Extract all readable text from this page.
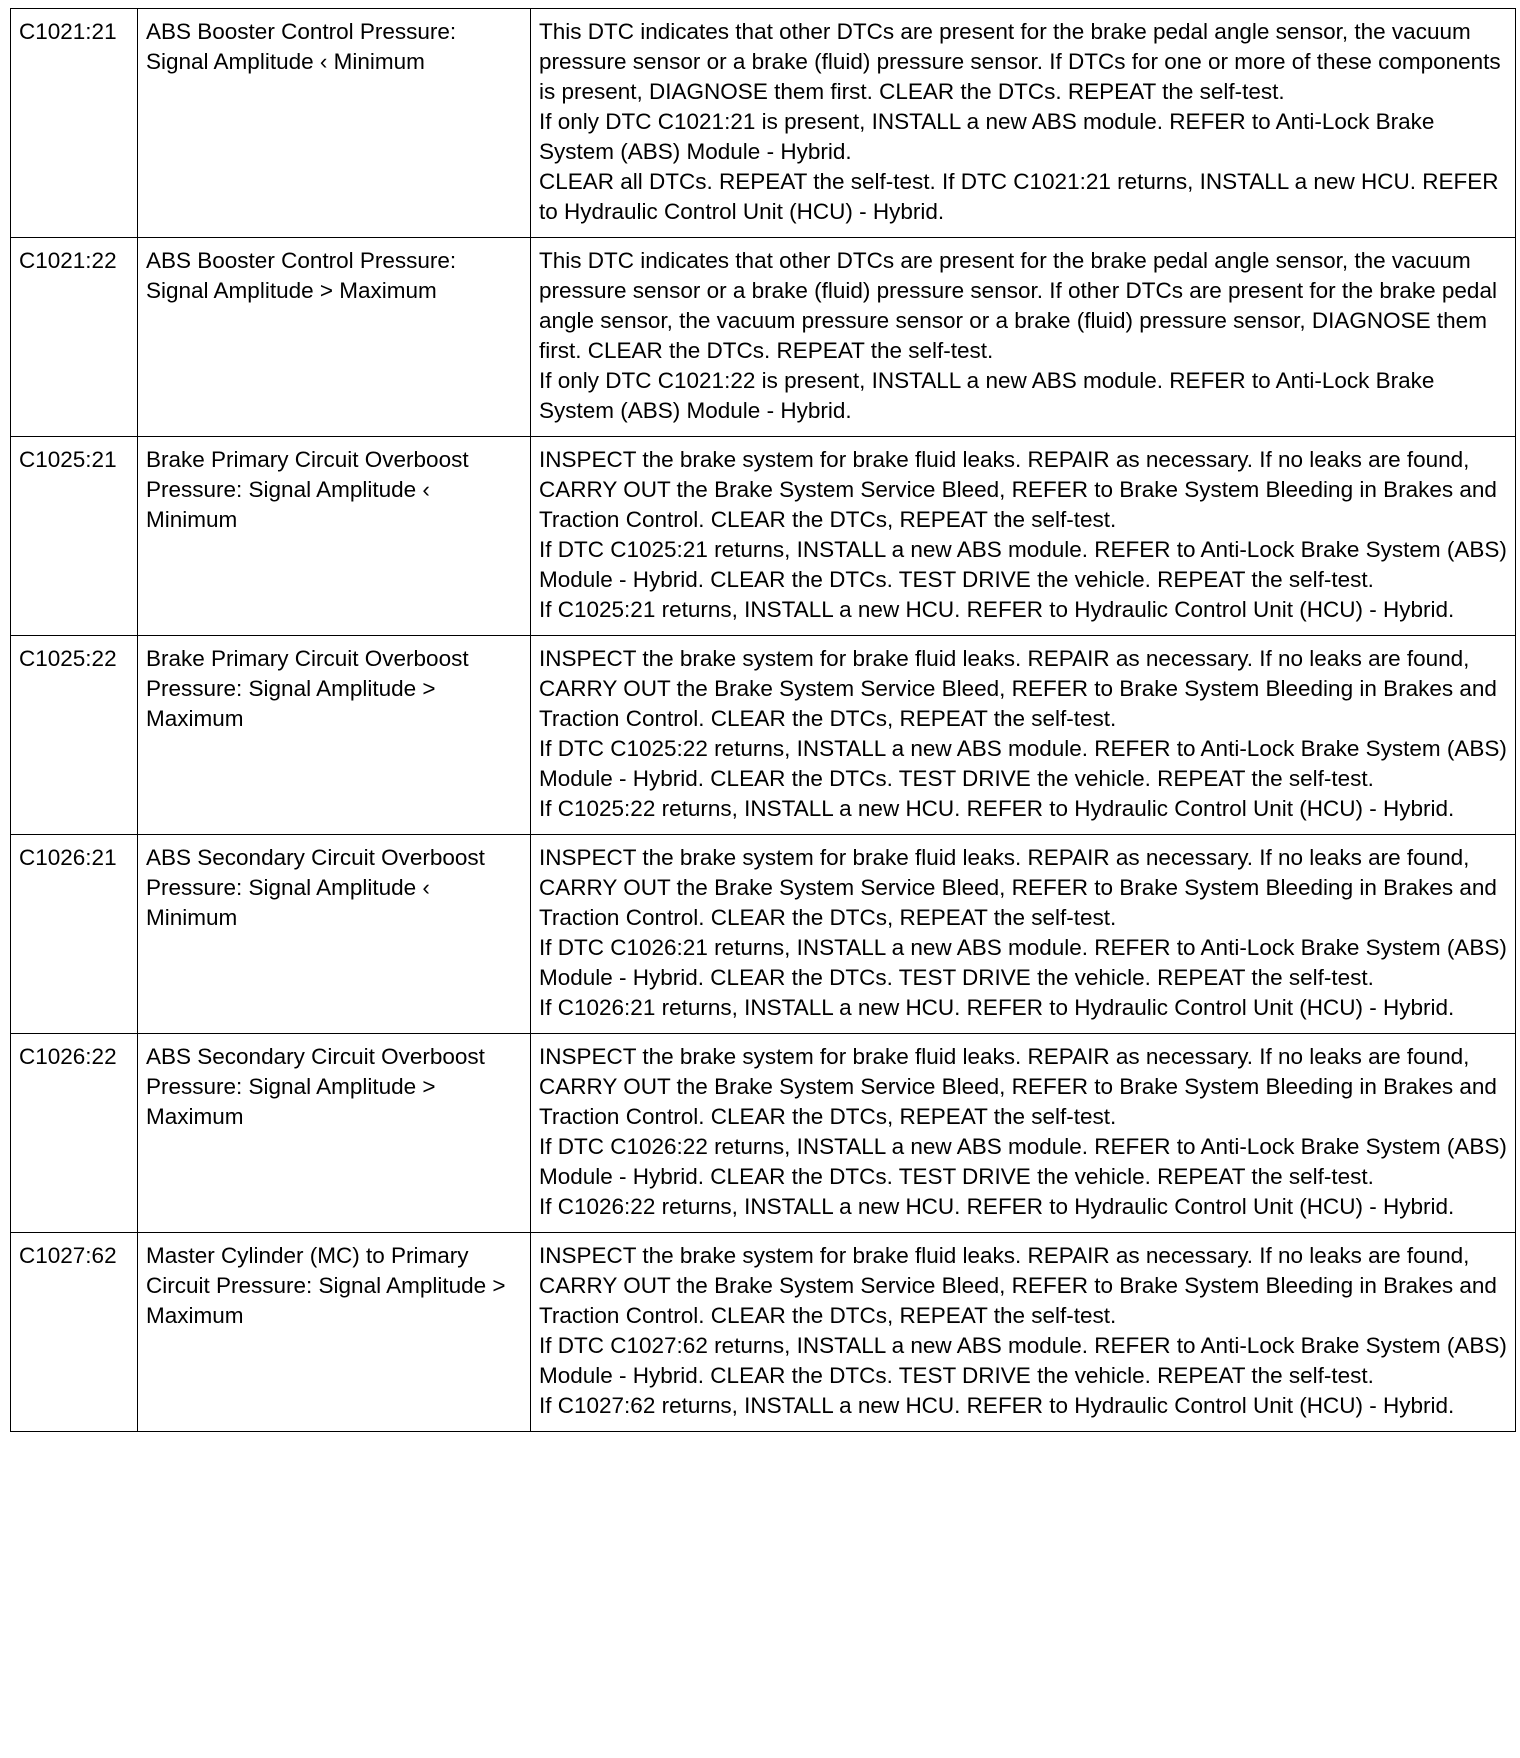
C1021:21	ABS Booster Control Pressure: Signal Amplitude ‹ Minimum	This DTC indicates that other DTCs are present for the brake pedal angle sensor, the vacuum pressure sensor or a brake (fluid) pressure sensor. If DTCs for one or more of these components is present, DIAGNOSE them first. CLEAR the DTCs. REPEAT the self-test.
If only DTC C1021:21 is present, INSTALL a new ABS module. REFER to Anti-Lock Brake System (ABS) Module - Hybrid.
CLEAR all DTCs. REPEAT the self-test. If DTC C1021:21 returns, INSTALL a new HCU. REFER to Hydraulic Control Unit (HCU) - Hybrid.

C1021:22	ABS Booster Control Pressure: Signal Amplitude > Maximum	This DTC indicates that other DTCs are present for the brake pedal angle sensor, the vacuum pressure sensor or a brake (fluid) pressure sensor. If other DTCs are present for the brake pedal angle sensor, the vacuum pressure sensor or a brake (fluid) pressure sensor, DIAGNOSE them first. CLEAR the DTCs. REPEAT the self-test.
If only DTC C1021:22 is present, INSTALL a new ABS module. REFER to Anti-Lock Brake System (ABS) Module - Hybrid.

C1025:21	Brake Primary Circuit Overboost Pressure: Signal Amplitude ‹ Minimum	INSPECT the brake system for brake fluid leaks. REPAIR as necessary. If no leaks are found, CARRY OUT the Brake System Service Bleed, REFER to Brake System Bleeding in Brakes and Traction Control. CLEAR the DTCs, REPEAT the self-test.
If DTC C1025:21 returns, INSTALL a new ABS module. REFER to Anti-Lock Brake System (ABS) Module - Hybrid. CLEAR the DTCs. TEST DRIVE the vehicle. REPEAT the self-test.
If C1025:21 returns, INSTALL a new HCU. REFER to Hydraulic Control Unit (HCU) - Hybrid.

C1025:22	Brake Primary Circuit Overboost Pressure: Signal Amplitude > Maximum	INSPECT the brake system for brake fluid leaks. REPAIR as necessary. If no leaks are found, CARRY OUT the Brake System Service Bleed, REFER to Brake System Bleeding in Brakes and Traction Control. CLEAR the DTCs, REPEAT the self-test.
If DTC C1025:22 returns, INSTALL a new ABS module. REFER to Anti-Lock Brake System (ABS) Module - Hybrid. CLEAR the DTCs. TEST DRIVE the vehicle. REPEAT the self-test.
If C1025:22 returns, INSTALL a new HCU. REFER to Hydraulic Control Unit (HCU) - Hybrid.

C1026:21	ABS Secondary Circuit Overboost Pressure: Signal Amplitude ‹ Minimum	INSPECT the brake system for brake fluid leaks. REPAIR as necessary. If no leaks are found, CARRY OUT the Brake System Service Bleed, REFER to Brake System Bleeding in Brakes and Traction Control. CLEAR the DTCs, REPEAT the self-test.
If DTC C1026:21 returns, INSTALL a new ABS module. REFER to Anti-Lock Brake System (ABS) Module - Hybrid. CLEAR the DTCs. TEST DRIVE the vehicle. REPEAT the self-test.
If C1026:21 returns, INSTALL a new HCU. REFER to Hydraulic Control Unit (HCU) - Hybrid.

C1026:22	ABS Secondary Circuit Overboost Pressure: Signal Amplitude > Maximum	INSPECT the brake system for brake fluid leaks. REPAIR as necessary. If no leaks are found, CARRY OUT the Brake System Service Bleed, REFER to Brake System Bleeding in Brakes and Traction Control. CLEAR the DTCs, REPEAT the self-test.
If DTC C1026:22 returns, INSTALL a new ABS module. REFER to Anti-Lock Brake System (ABS) Module - Hybrid. CLEAR the DTCs. TEST DRIVE the vehicle. REPEAT the self-test.
If C1026:22 returns, INSTALL a new HCU. REFER to Hydraulic Control Unit (HCU) - Hybrid.

C1027:62	Master Cylinder (MC) to Primary Circuit Pressure: Signal Amplitude > Maximum	INSPECT the brake system for brake fluid leaks. REPAIR as necessary. If no leaks are found, CARRY OUT the Brake System Service Bleed, REFER to Brake System Bleeding in Brakes and Traction Control. CLEAR the DTCs, REPEAT the self-test.
If DTC C1027:62 returns, INSTALL a new ABS module. REFER to Anti-Lock Brake System (ABS) Module - Hybrid. CLEAR the DTCs. TEST DRIVE the vehicle. REPEAT the self-test.
If C1027:62 returns, INSTALL a new HCU. REFER to Hydraulic Control Unit (HCU) - Hybrid.
